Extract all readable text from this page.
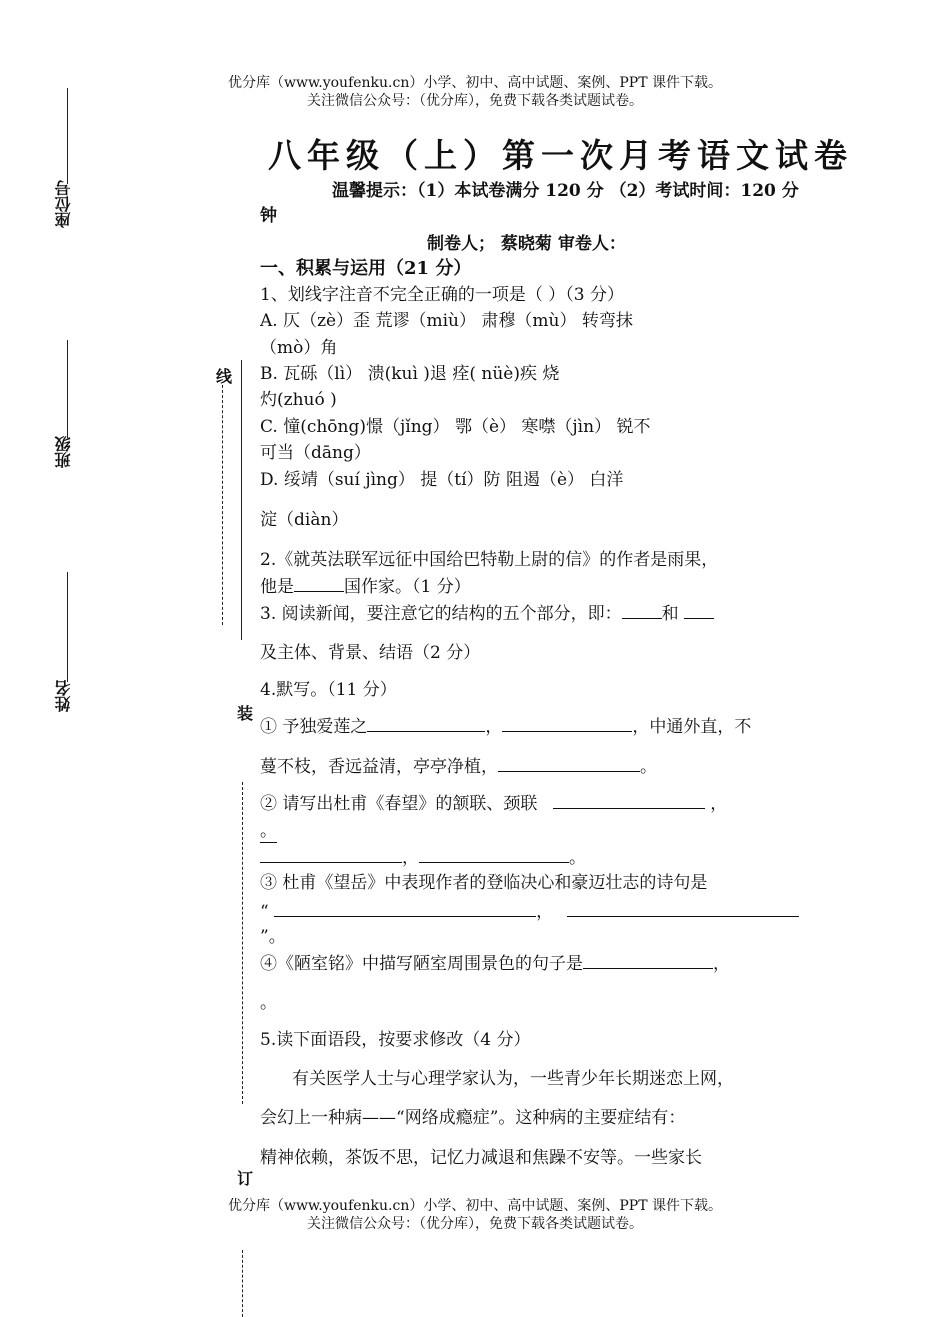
优分库（www.youfenku.cn）小学、初中、高中试题、案例、PPT 课件下载。
关注微信公众号：（优分库），免费下载各类试题试卷。
八年级（上）第一次月考语文试卷
温馨提示：（1）本试卷满分 120 分 （2）考试时间：120 分
钟
制卷人； 蔡晓菊 审卷人：
座位号
班级
姓名
线
装
订
一、积累与运用（21 分）
1、划线字注音不完全正确的一项是（ ）（3 分）
A. 仄（zè）歪 荒谬（miù） 肃穆（mù） 转弯抹
（mò）角
B. 瓦砾（lì） 溃(kuì )退 痊( nüè)疾 烧
灼(zhuó )
C. 憧(chōng)憬（jǐng） 鄂（è） 寒噤（jìn） 锐不
可当（dāng）
D. 绥靖（suí jìng） 提（tí）防 阻遏（è） 白洋
淀（diàn）
2.《就英法联军远征中国给巴特勒上尉的信》的作者是雨果，
他是	国作家。（1 分）
3. 阅读新闻，要注意它的结构的五个部分，即： 和
及主体、背景、结语（2 分）
4.默写。（11 分）
① 予独爱莲之	，	，中通外直，不
蔓不枝，香远益清，亭亭净植，	。
② 请写出杜甫《春望》的颔联、颈联	，
。
，	。
③ 杜甫《望岳》中表现作者的登临决心和豪迈壮志的诗句是
“	，
”。
④《陋室铭》中描写陋室周围景色的句子是	，
。
5.读下面语段，按要求修改（4 分）
有关医学人士与心理学家认为，一些青少年长期迷恋上网，
会幻上一种病——“网络成瘾症”。这种病的主要症结有：
精神依赖，茶饭不思，记忆力减退和焦躁不安等。一些家长
优分库（www.youfenku.cn）小学、初中、高中试题、案例、PPT 课件下载。
关注微信公众号：（优分库），免费下载各类试题试卷。
